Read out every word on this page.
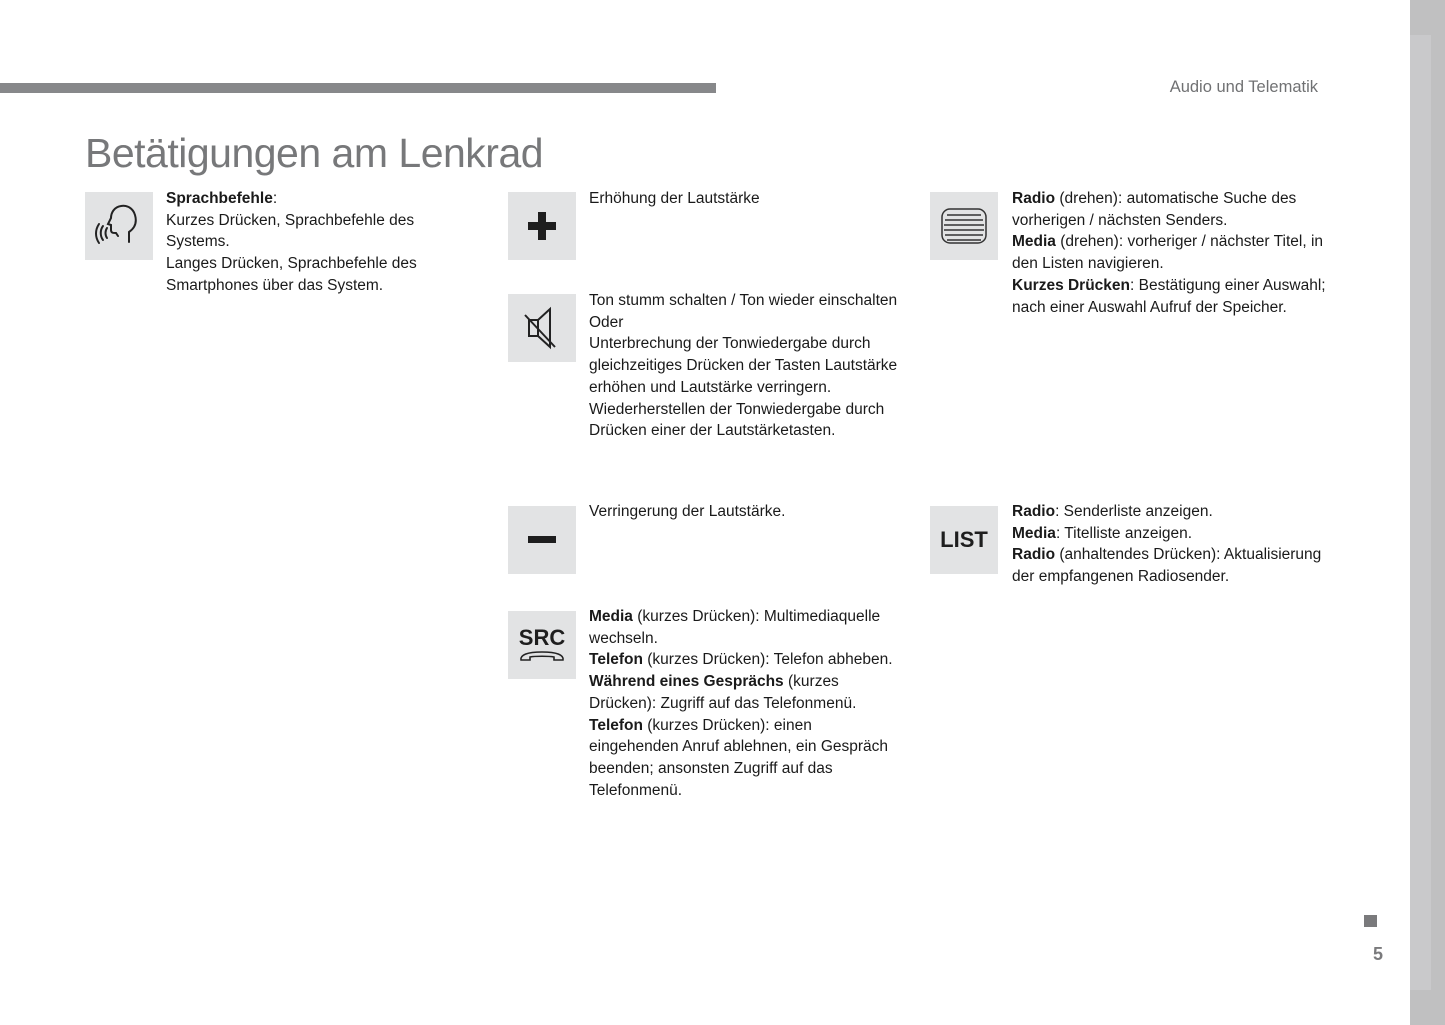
Audio und Telematik
Betätigungen am Lenkrad
5

Sprachbefehle:

Kurzes Drücken, Sprachbefehle des Systems.

Langes Drücken, Sprachbefehle des Smartphones über das System.

Erhöhung der Lautstärke

Ton stumm schalten / Ton wieder einschalten

Oder

Unterbrechung der Tonwiedergabe durch gleichzeitiges Drücken der Tasten Lautstärke erhöhen und Lautstärke verringern.

Wiederherstellen der Tonwiedergabe durch Drücken einer der Lautstärketasten.

Verringerung der Lautstärke.

SRC

Media (kurzes Drücken): Multimediaquelle wechseln.

Telefon (kurzes Drücken): Telefon abheben.

Während eines Gesprächs (kurzes Drücken): Zugriff auf das Telefonmenü.

Telefon (kurzes Drücken): einen eingehenden Anruf ablehnen, ein Gespräch beenden; ansonsten Zugriff auf das Telefonmenü.

Radio (drehen): automatische Suche des vorherigen / nächsten Senders.

Media (drehen): vorheriger / nächster Titel, in den Listen navigieren.

Kurzes Drücken: Bestätigung einer Auswahl; nach einer Auswahl Aufruf der Speicher.

LIST

Radio: Senderliste anzeigen.

Media: Titelliste anzeigen.

Radio (anhaltendes Drücken): Aktualisierung der empfangenen Radiosender.
